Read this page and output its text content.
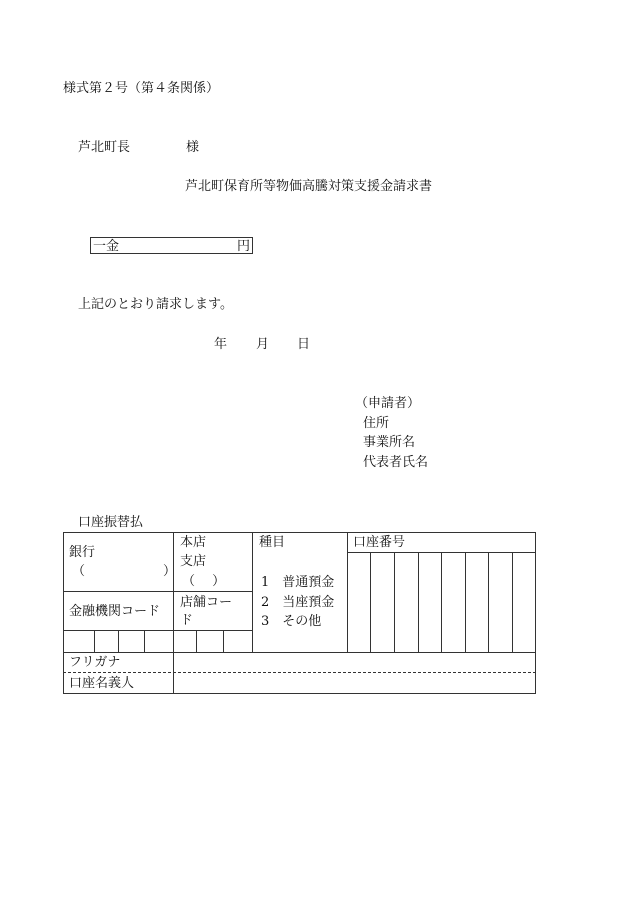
様式第２号（第４条関係）
芦北町長	様
芦北町保育所等物価高騰対策支援金請求書
一金	円
上記のとおり請求します。
年 月 日
（申請者）
住所
事業所名
代表者氏名
口座振替払
銀行
（　　　　　　）
本店
支店
（　 ）
金融機関コード
店舗コー
ド
種目
1　普通預金
2　当座預金
3　その他
口座番号
フリガナ
口座名義人
